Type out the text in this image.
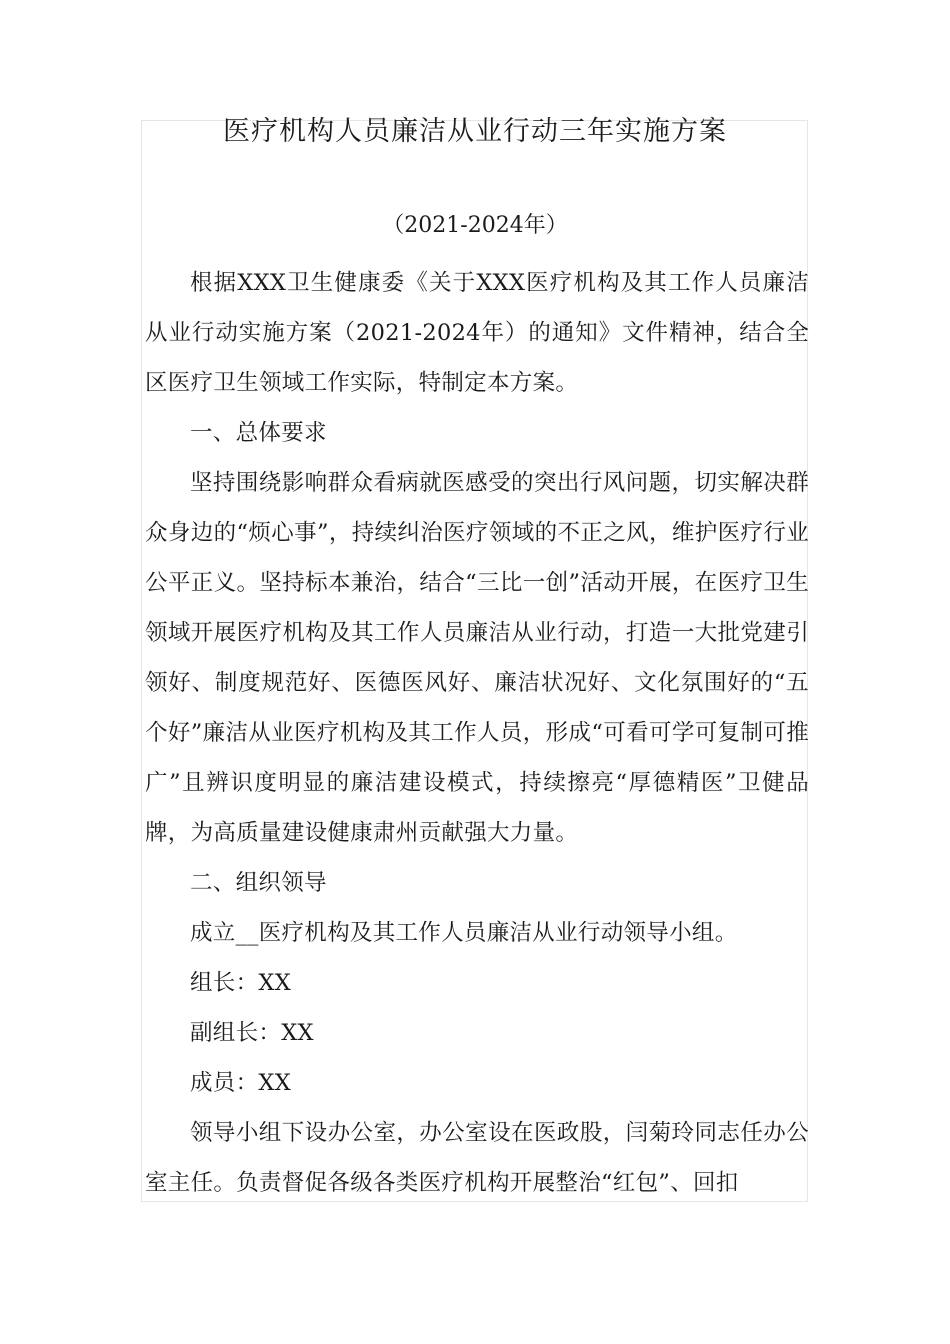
医疗机构人员廉洁从业行动三年实施方案
（2021-2024年）

根据XXX卫生健康委《关于XXX医疗机构及其工作人员廉洁从业行动实施方案（2021-2024年）的通知》文件精神，结合全区医疗卫生领域工作实际，特制定本方案。

一、总体要求

坚持围绕影响群众看病就医感受的突出行风问题，切实解决群众身边的“烦心事”，持续纠治医疗领域的不正之风，维护医疗行业公平正义。坚持标本兼治，结合“三比一创”活动开展，在医疗卫生领域开展医疗机构及其工作人员廉洁从业行动，打造一大批党建引领好、制度规范好、医德医风好、廉洁状况好、文化氛围好的“五个好”廉洁从业医疗机构及其工作人员，形成“可看可学可复制可推广”且辨识度明显的廉洁建设模式，持续擦亮“厚德精医”卫健品牌，为高质量建设健康肃州贡献强大力量。

二、组织领导

成立__医疗机构及其工作人员廉洁从业行动领导小组。

组长：XX

副组长：XX

成员：XX

领导小组下设办公室，办公室设在医政股，闫菊玲同志任办公室主任。负责督促各级各类医疗机构开展整治“红包”、回扣
